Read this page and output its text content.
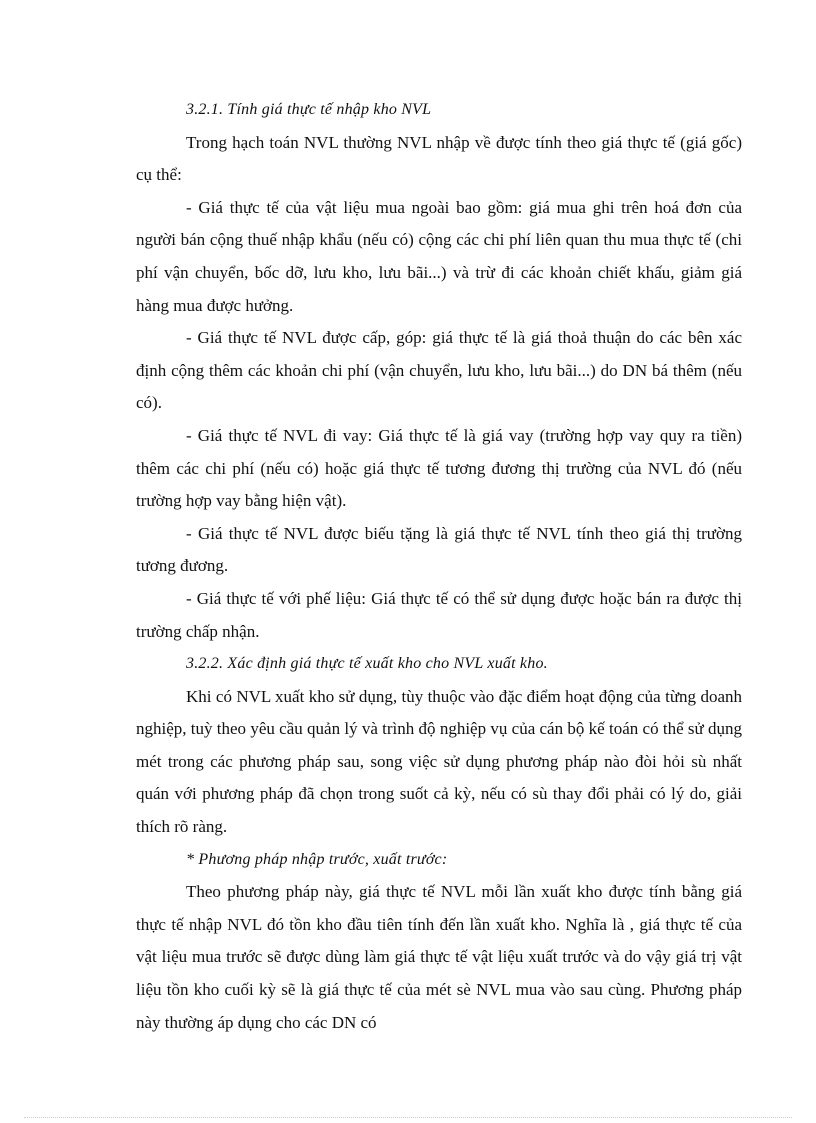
3.2.1. Tính giá thực tế nhập kho NVL

Trong hạch toán NVL thường NVL nhập về được tính theo giá thực tế (giá gốc) cụ thể:

- Giá thực tế của vật liệu mua ngoài bao gồm: giá mua ghi trên hoá đơn của người bán cộng thuế nhập khẩu (nếu có) cộng các chi phí liên quan thu mua thực tế (chi phí vận chuyển, bốc dỡ, lưu kho, lưu bãi...) và trừ đi các khoản chiết khấu, giảm giá hàng mua được hưởng.

- Giá thực tế NVL được cấp, góp: giá thực tế là giá thoả thuận do các bên xác định cộng thêm các khoản chi phí (vận chuyển, lưu kho, lưu bãi...) do DN bá thêm (nếu có).

- Giá thực tế NVL đi vay: Giá thực tế là giá vay (trường hợp vay quy ra tiền) thêm các chi phí (nếu có) hoặc giá thực tế tương đương thị trường của NVL đó (nếu trường hợp vay bằng hiện vật).

- Giá thực tế NVL được biếu tặng là giá thực tế NVL tính theo giá thị trường tương đương.

- Giá thực tế với phế liệu: Giá thực tế có thể sử dụng được hoặc bán ra được thị trường chấp nhận.

3.2.2. Xác định giá thực tế xuất kho cho NVL xuất kho.

Khi có NVL xuất kho sử dụng, tùy thuộc vào đặc điểm hoạt động của từng doanh nghiệp, tuỳ theo yêu cầu quản lý và trình độ nghiệp vụ của cán bộ kế toán có thể sử dụng mét trong các phương pháp sau, song việc sử dụng phương pháp nào đòi hỏi sù nhất quán với phương pháp đã chọn trong suốt cả kỳ, nếu có sù thay đổi phải có lý do, giải thích rõ ràng.

* Phương pháp nhập trước, xuất trước:

Theo phương pháp này, giá thực tế NVL mỗi lần xuất kho được tính bằng giá thực tế nhập NVL đó tồn kho đầu tiên tính đến lần xuất kho. Nghĩa là , giá thực tế của vật liệu mua trước sẽ được dùng làm giá thực tế vật liệu xuất trước và do vậy giá trị vật liệu tồn kho cuối kỳ sẽ là giá thực tế của mét sè NVL mua vào sau cùng. Phương pháp này thường áp dụng cho các DN có
